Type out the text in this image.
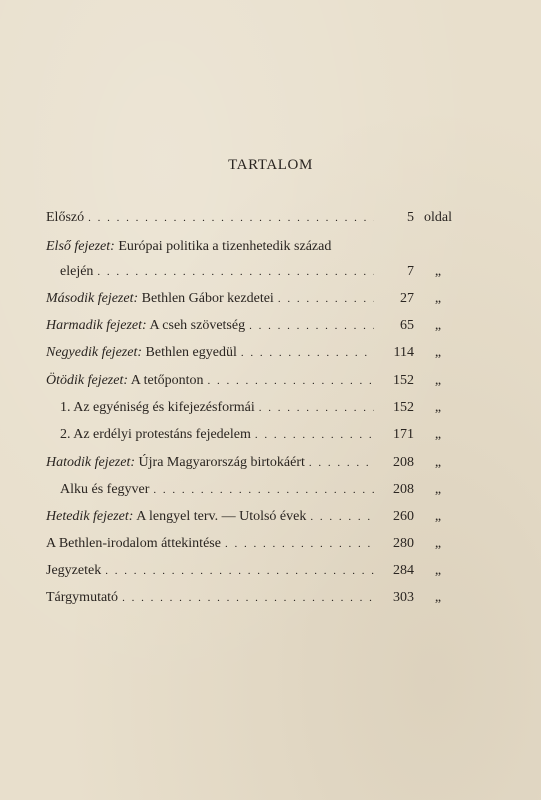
TARTALOM
Előszó . . .	5 oldal
Első fejezet: Európai politika a tizenhetedik század
elején . . .	7	„
Második fejezet: Bethlen Gábor kezdetei . . .	27	„
Harmadik fejezet: A cseh szövetség . . .	65	„
Negyedik fejezet: Bethlen egyedül . . .	114	„
Ötödik fejezet: A tetőponton . . .	152	„
1. Az egyéniség és kifejezésformái . . .	152	„
2. Az erdélyi protestáns fejedelem . . .	171	„
Hatodik fejezet: Újra Magyarország birtokáért . . .	208	„
Alku és fegyver . . .	208	„
Hetedik fejezet: A lengyel terv. — Utolsó évek . . .	260	„
A Bethlen-irodalom áttekintése . . .	280	„
Jegyzetek . . .	284	„
Tárgymutató . . .	303	„
